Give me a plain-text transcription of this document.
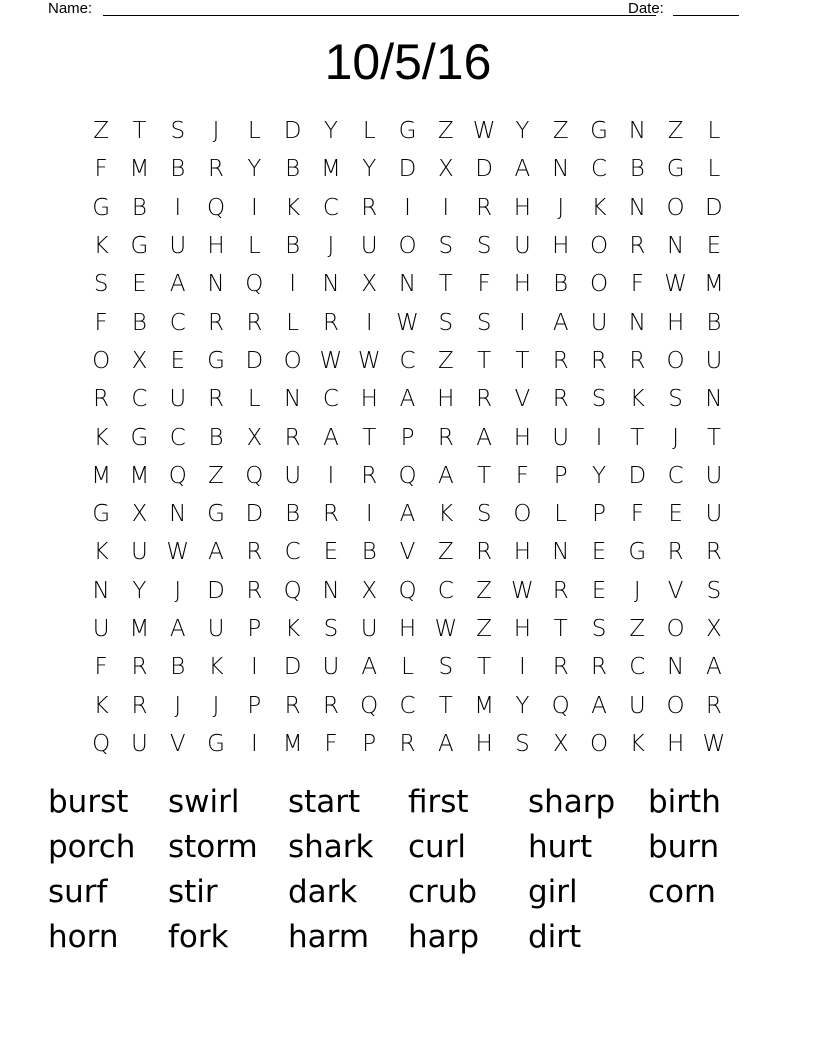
Name:	Date:
10/5/16
Z	T	S	J	L	D Y	L G Z W Y	Z G N Z	L
F M B R	Y	B M Y D X D A N C B G L
G B	I	Q	I	K C R	I	I	R H	J	K N O D
K G U H	L	B	J	U O S	S U H O R N E
S	E	A N Q	I	N X N T	F	H B O F W M
F	B C R R	L	R	I	W S	S	I	A U N H B
O X	E G D O W W C Z	T	T	R R R O U
R C U R	L	N C H A H R V R	S	K	S N
K G C B X R A	T	P	R A H U	I	T	J	T
M M Q Z Q U	I	R Q A	T	F	P	Y D C U
G X N G D B R	I	A K	S O L	P	F	E U
K U W A R C	E	B V Z R H N E G R R
N Y	J	D R Q N X Q C Z W R	E	J	V	S
U M A U P	K	S U H W Z H T	S	Z O X
F	R B	K	I	D U A	L	S	T	I	R R C N A
K R	J	J	P	R R Q C	T M Y Q A U O R
Q U V G	I	M F	P	R A H S	X O K H W
burst	swirl	start	first	sharp	birth
porch	storm shark	curl	hurt	burn
surf	stir	dark	crub	girl	corn
horn	fork	harm	harp	dirt
